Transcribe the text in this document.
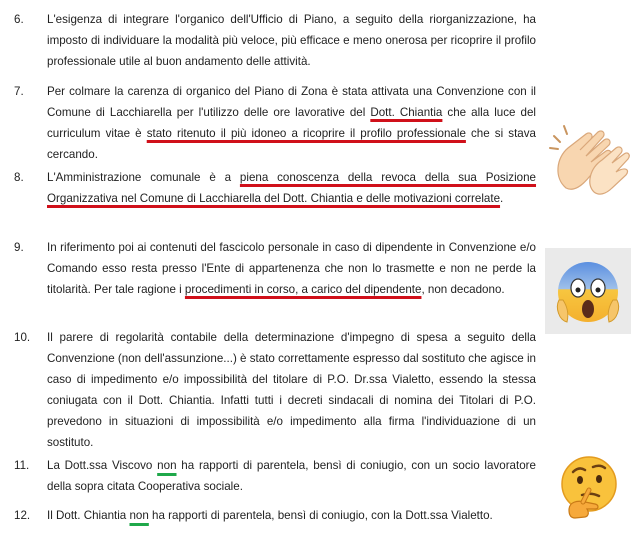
6.	L'esigenza di integrare l'organico dell'Ufficio di Piano, a seguito della riorganizzazione, ha imposto di individuare la modalità più veloce, più efficace e meno onerosa per ricoprire il profilo professionale utile al buon andamento delle attività.
7.	Per colmare la carenza di organico del Piano di Zona è stata attivata una Convenzione con il Comune di Lacchiarella per l'utilizzo delle ore lavorative del Dott. Chiantia che alla luce del curriculum vitae è stato ritenuto il più idoneo a ricoprire il profilo professionale che si stava cercando.
8.	L'Amministrazione comunale è a piena conoscenza della revoca della sua Posizione Organizzativa nel Comune di Lacchiarella del Dott. Chiantia e delle motivazioni correlate.
9.	In riferimento poi ai contenuti del fascicolo personale in caso di dipendente in Convenzione e/o Comando esso resta presso l'Ente di appartenenza che non lo trasmette e non ne perde la titolarità. Per tale ragione i procedimenti in corso, a carico del dipendente, non decadono.
10.	Il parere di regolarità contabile della determinazione d'impegno di spesa a seguito della Convenzione (non dell'assunzione...) è stato correttamente espresso dal sostituto che agisce in caso di impedimento e/o impossibilità del titolare di P.O. Dr.ssa Vialetto, essendo la stessa coniugata con il Dott. Chiantia. Infatti tutti i decreti sindacali di nomina dei Titolari di P.O. prevedono in situazioni di impossibilità e/o impedimento alla firma l'individuazione di un sostituto.
11.	La Dott.ssa Viscovo non ha rapporti di parentela, bensì di coniugio, con un socio lavoratore della sopra citata Cooperativa sociale.
12.	Il Dott. Chiantia non ha rapporti di parentela, bensì di coniugio, con la Dott.ssa Vialetto.
